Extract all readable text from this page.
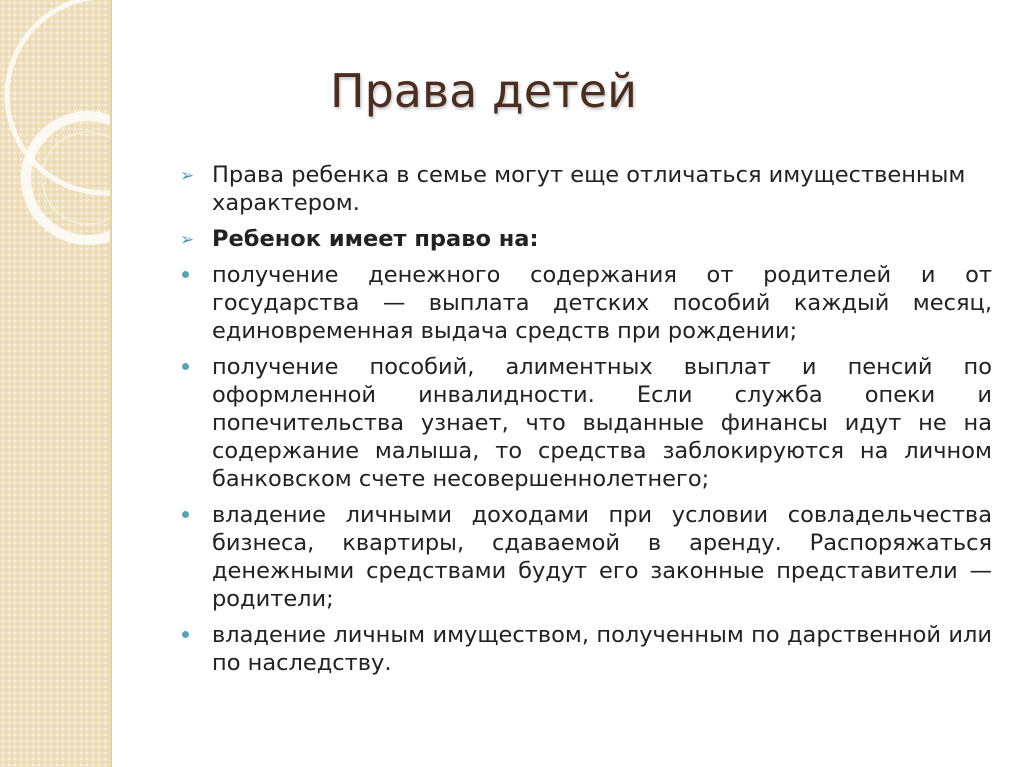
Права детей
➢ Права ребенка в семье могут еще отличаться имущественным характером.
➢ Ребенок имеет право на:
получение денежного содержания от родителей и от государства — выплата детских пособий каждый месяц, единовременная выдача средств при рождении;
получение пособий, алиментных выплат и пенсий по оформленной инвалидности. Если служба опеки и попечительства узнает, что выданные финансы идут не на содержание малыша, то средства заблокируются на личном банковском счете несовершеннолетнего;
владение личными доходами при условии совладельчества бизнеса, квартиры, сдаваемой в аренду. Распоряжаться денежными средствами будут его законные представители — родители;
владение личным имуществом, полученным по дарственной или по наследству.
